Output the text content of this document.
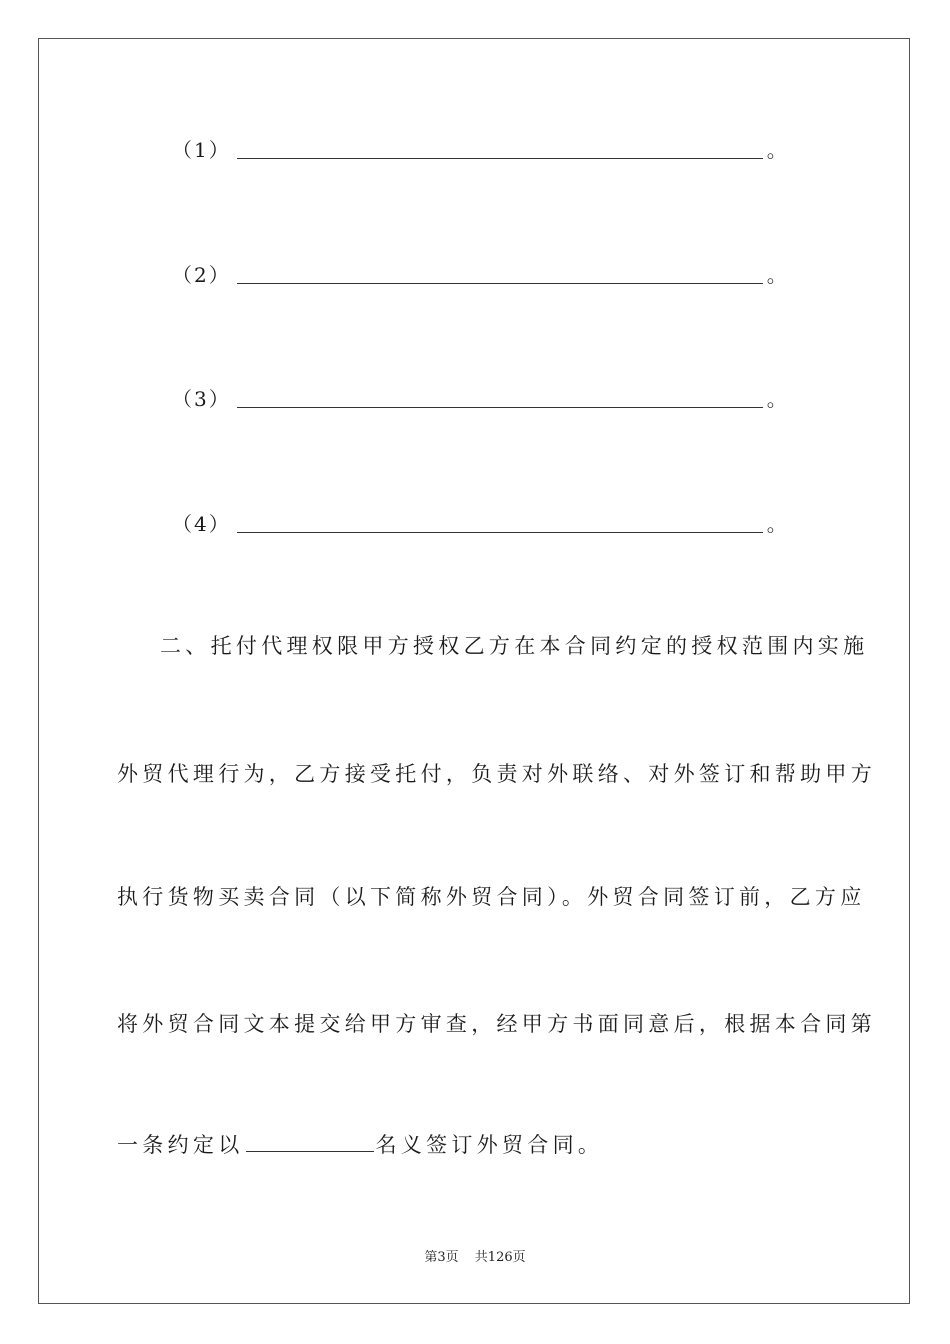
（1）	。
（2）	。
（3）	。
（4）	。
二、托付代理权限甲方授权乙方在本合同约定的授权范围内实施
外贸代理行为，乙方接受托付，负责对外联络、对外签订和帮助甲方
执行货物买卖合同（以下简称外贸合同）。外贸合同签订前，乙方应
将外贸合同文本提交给甲方审查，经甲方书面同意后，根据本合同第
一条约定以	名义签订外贸合同。
第3页 共126页
